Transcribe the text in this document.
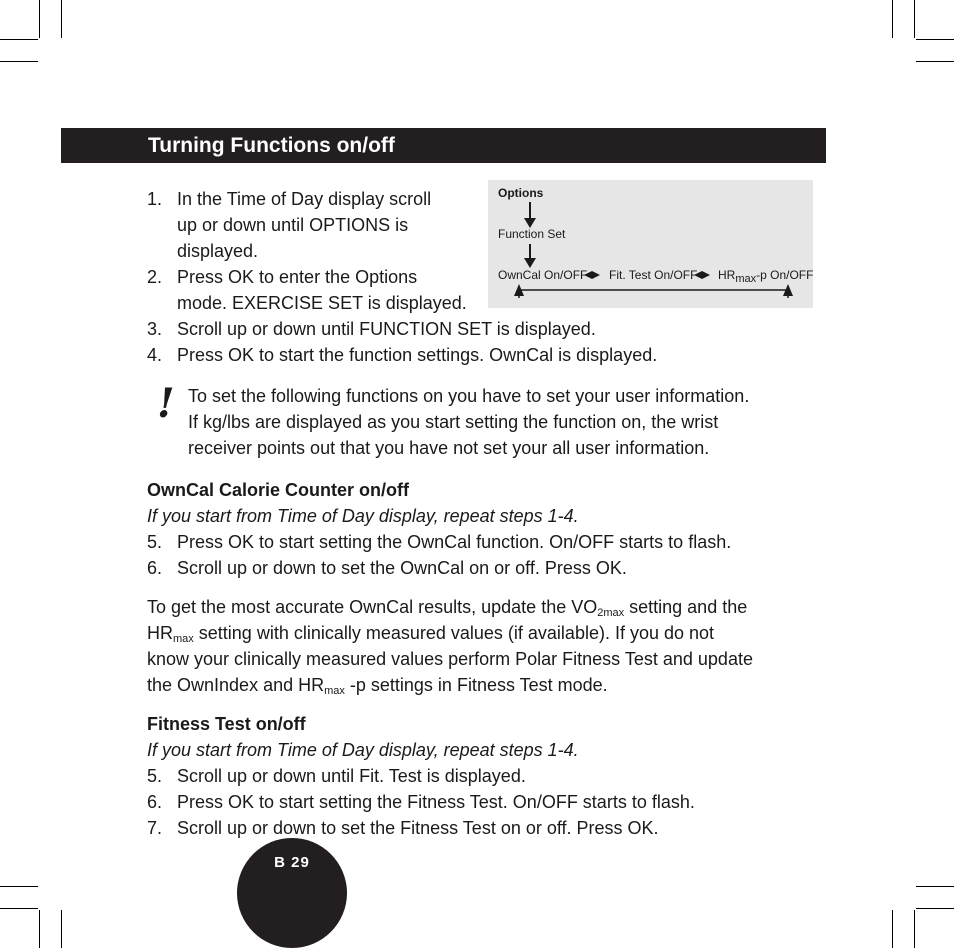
Turning Functions on/off
1. In the Time of Day display scroll
up or down until OPTIONS is
displayed.
2. Press OK to enter the Options
mode. EXERCISE SET is displayed.
3. Scroll up or down until FUNCTION SET is displayed.
4. Press OK to start the function settings. OwnCal is displayed.
Options
Function Set
OwnCal On/OFF Fit. Test On/OFF $HR_{max}-p$ On/OFF
! To set the following functions on you have to set your user information.
If kg/lbs are displayed as you start setting the function on, the wrist
receiver points out that you have not set your all user information.
OwnCal Calorie Counter on/off
If you start from Time of Day display, repeat steps 1-4.
5. Press OK to start setting the OwnCal function. On/OFF starts to flash.
6. Scroll up or down to set the OwnCal on or off. Press OK.
To get the most accurate OwnCal results, update the $VO_{2max}$ setting and the
$HR_{max}$ setting with clinically measured values (if available). If you do not
know your clinically measured values perform Polar Fitness Test and update
the OwnIndex and $HR_{max}$ -p settings in Fitness Test mode.
Fitness Test on/off
If you start from Time of Day display, repeat steps 1-4.
5. Scroll up or down until Fit. Test is displayed.
6. Press OK to start setting the Fitness Test. On/OFF starts to flash.
7. Scroll up or down to set the Fitness Test on or off. Press OK.
B 29
